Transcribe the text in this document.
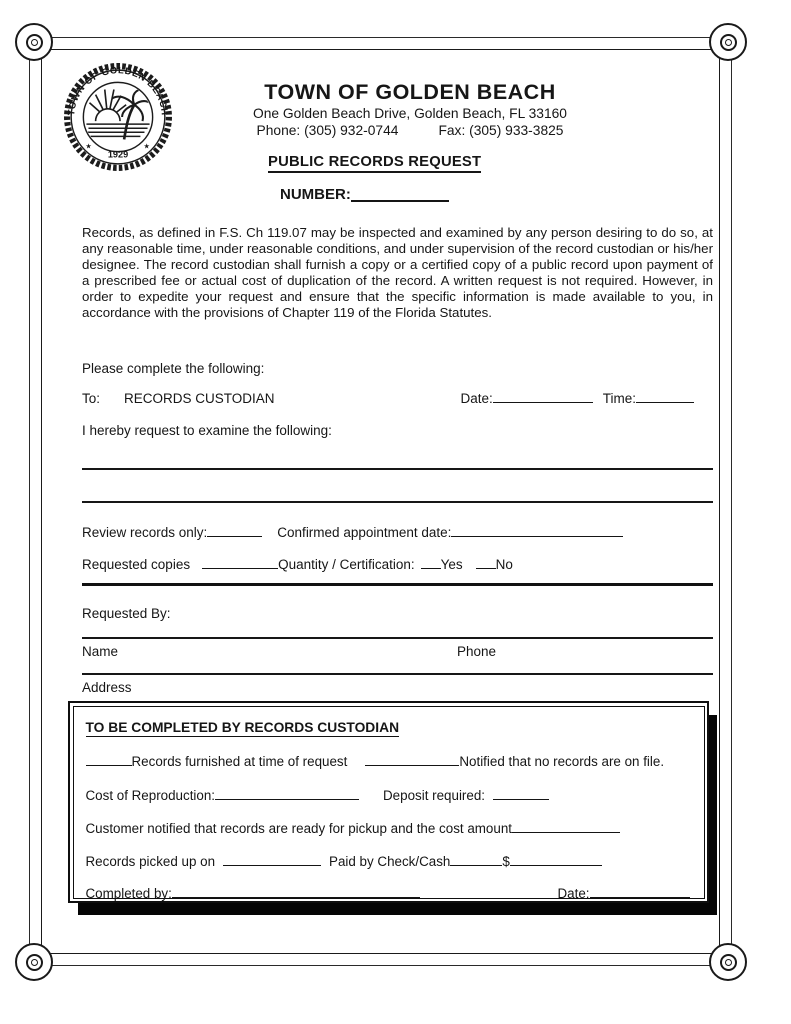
TOWN OF GOLDEN BEACH
★	★
1929
TOWN OF GOLDEN BEACH
One Golden Beach Drive, Golden Beach, FL 33160
Phone: (305) 932-0744	Fax: (305) 933-3825
PUBLIC RECORDS REQUEST
NUMBER:
Records, as defined in F.S. Ch 119.07 may be inspected and examined by any person desiring to do so, at any reasonable time, under reasonable conditions, and under supervision of the record custodian or his/her designee. The record custodian shall furnish a copy or a certified copy of a public record upon payment of a prescribed fee or actual cost of duplication of the record. A written request is not required. However, in order to expedite your request and ensure that the specific information is made available to you, in accordance with the provisions of Chapter 119 of the Florida Statutes.
Please complete the following:
To: RECORDS CUSTODIAN	Date:	Time:
I hereby request to examine the following:
Review records only:	Confirmed appointment date:
Requested copies	Quantity / Certification: Yes No
Requested By:
Name	Phone
Address
TO BE COMPLETED BY RECORDS CUSTODIAN
Records furnished at time of request	Notified that no records are on file.
Cost of Reproduction:	Deposit required:
Customer notified that records are ready for pickup and the cost amount
Records picked up on	Paid by Check/Cash	$
Completed by:	Date:
